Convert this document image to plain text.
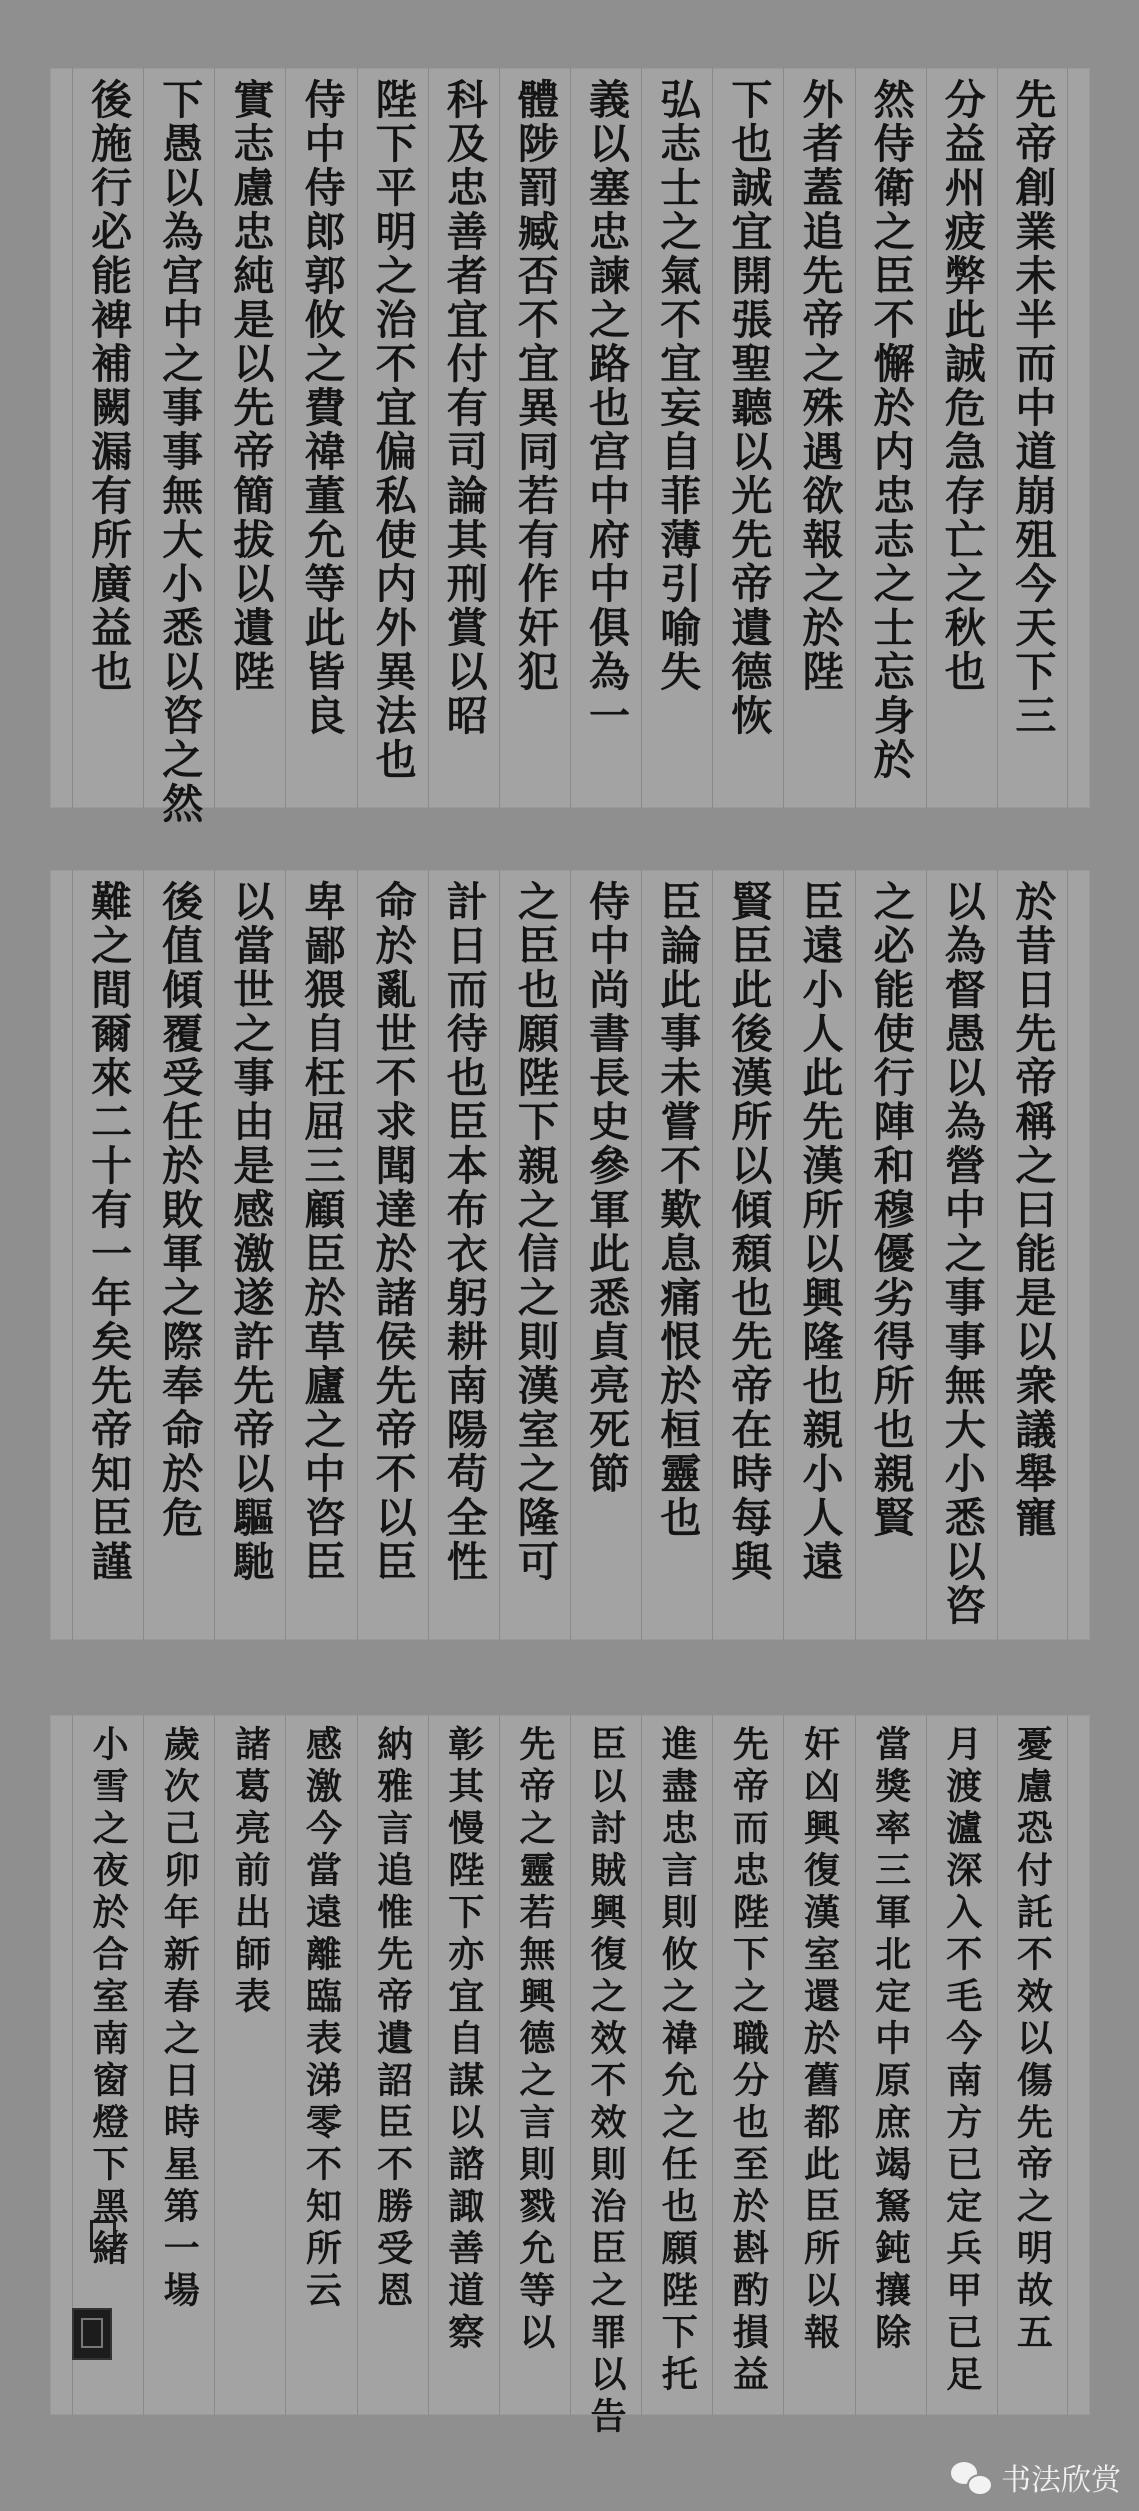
先帝創業未半而中道崩殂今天下三
分益州疲弊此誠危急存亡之秋也
然侍衛之臣不懈於内忠志之士忘身於
外者蓋追先帝之殊遇欲報之於陛
下也誠宜開張聖聽以光先帝遺德恢
弘志士之氣不宜妄自菲薄引喻失
義以塞忠諫之路也宫中府中俱為一
體陟罰臧否不宜異同若有作奸犯
科及忠善者宜付有司論其刑賞以昭
陛下平明之治不宜偏私使内外異法也
侍中侍郎郭攸之費禕董允等此皆良
實志慮忠純是以先帝簡拔以遺陛
下愚以為宫中之事事無大小悉以咨之然
後施行必能裨補闕漏有所廣益也
於昔日先帝稱之曰能是以衆議舉寵
以為督愚以為營中之事事無大小悉以咨
之必能使行陣和穆優劣得所也親賢
臣遠小人此先漢所以興隆也親小人遠
賢臣此後漢所以傾頹也先帝在時每與
臣論此事未嘗不歎息痛恨於桓靈也
侍中尚書長史參軍此悉貞亮死節
之臣也願陛下親之信之則漢室之隆可
計日而待也臣本布衣躬耕南陽苟全性
命於亂世不求聞達於諸侯先帝不以臣
卑鄙猥自枉屈三顧臣於草廬之中咨臣
以當世之事由是感激遂許先帝以驅馳
後值傾覆受任於敗軍之際奉命於危
難之間爾來二十有一年矣先帝知臣謹
憂慮恐付託不效以傷先帝之明故五
月渡瀘深入不毛今南方已定兵甲已足
當獎率三軍北定中原庶竭駑鈍攘除
奸凶興復漢室還於舊都此臣所以報
先帝而忠陛下之職分也至於斟酌損益
進盡忠言則攸之禕允之任也願陛下托
臣以討賊興復之效不效則治臣之罪以告
先帝之靈若無興德之言則戮允等以
彰其慢陛下亦宜自謀以諮諏善道察
納雅言追惟先帝遺詔臣不勝受恩
感激今當遠離臨表涕零不知所云
諸葛亮前出師表
歲次己卯年新春之日時星第一場
小雪之夜於合室南窗燈下黑緒
书法欣赏
